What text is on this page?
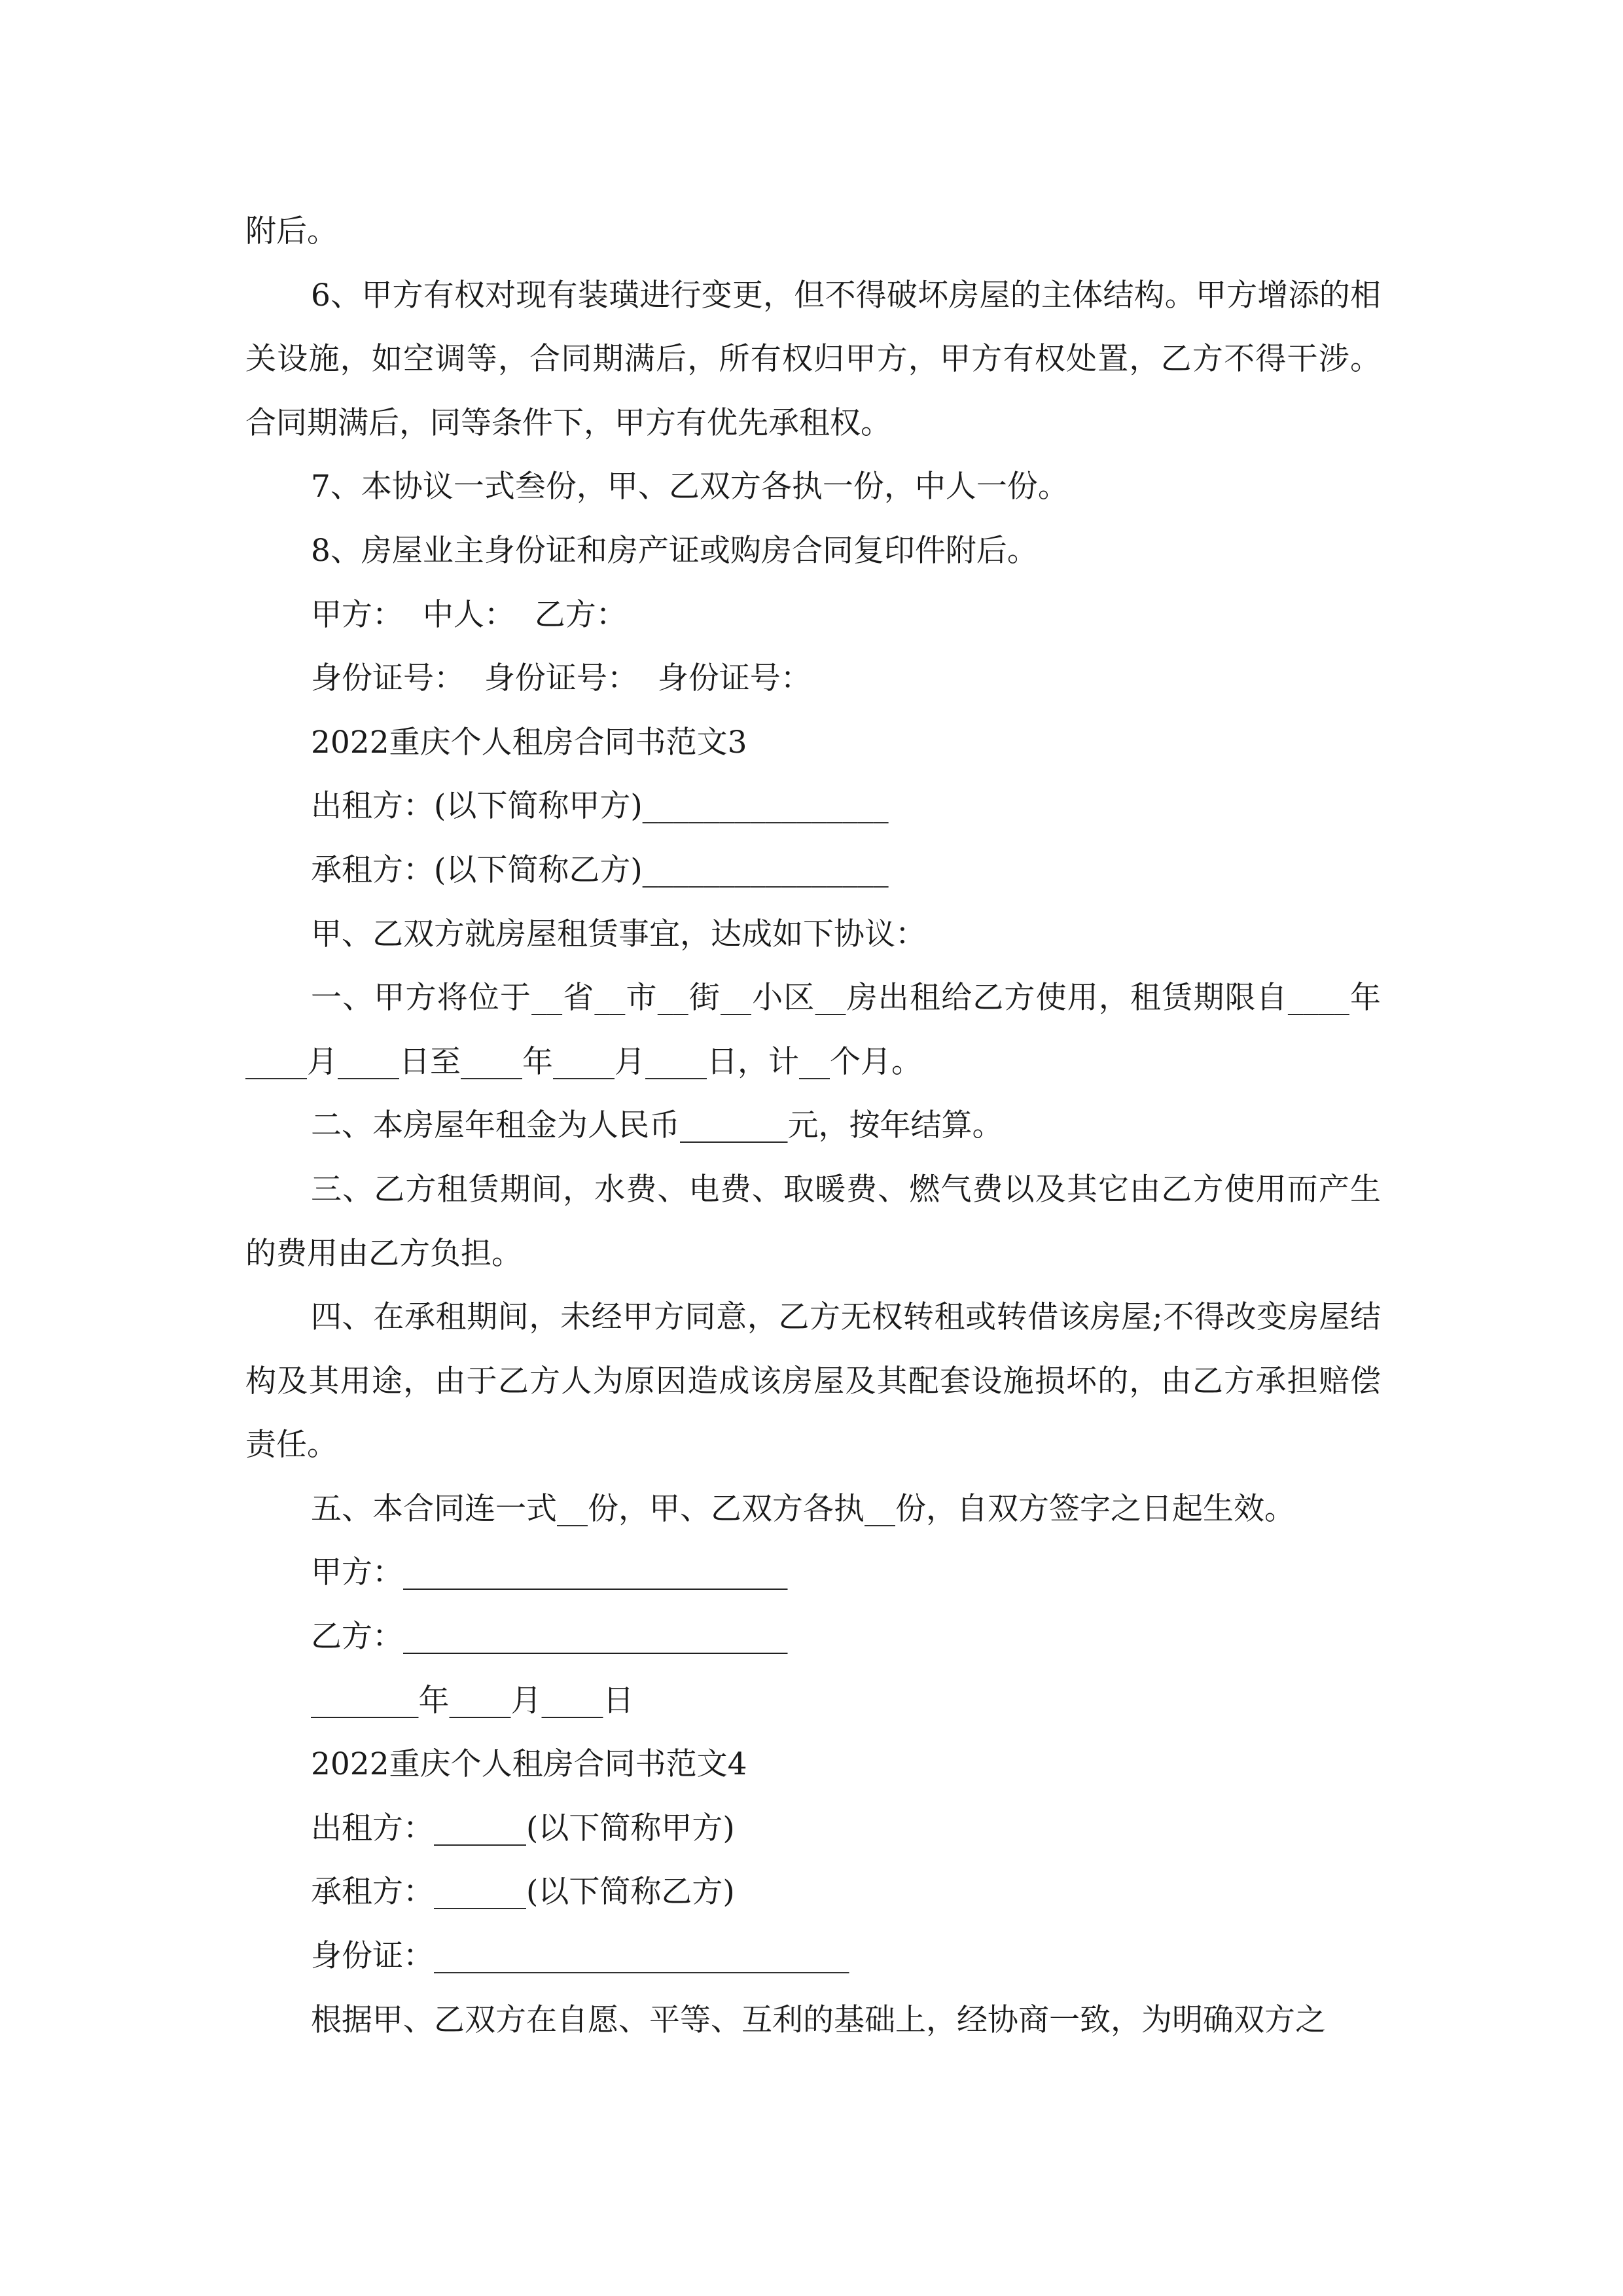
附后。

6、甲方有权对现有装璜进行变更，但不得破坏房屋的主体结构。甲方增添的相关设施，如空调等，合同期满后，所有权归甲方，甲方有权处置，乙方不得干涉。合同期满后，同等条件下，甲方有优先承租权。

7、本协议一式叁份，甲、乙双方各执一份，中人一份。

8、房屋业主身份证和房产证或购房合同复印件附后。

甲方：  中人：  乙方：

身份证号：  身份证号：  身份证号：

2022重庆个人租房合同书范文3

出租方：(以下简称甲方)________________

承租方：(以下简称乙方)________________

甲、乙双方就房屋租赁事宜，达成如下协议：

一、甲方将位于__省__市__街__小区__房出租给乙方使用，租赁期限自____年____月____日至____年____月____日，计__个月。

二、本房屋年租金为人民币_______元，按年结算。

三、乙方租赁期间，水费、电费、取暖费、燃气费以及其它由乙方使用而产生的费用由乙方负担。

四、在承租期间，未经甲方同意，乙方无权转租或转借该房屋;不得改变房屋结构及其用途，由于乙方人为原因造成该房屋及其配套设施损坏的，由乙方承担赔偿责任。

五、本合同连一式__份，甲、乙双方各执__份，自双方签字之日起生效。

甲方：_________________________

乙方：_________________________

_______年____月____日

2022重庆个人租房合同书范文4

出租方：______(以下简称甲方)

承租方：______(以下简称乙方)

身份证：___________________________

根据甲、乙双方在自愿、平等、互利的基础上，经协商一致，为明确双方之
